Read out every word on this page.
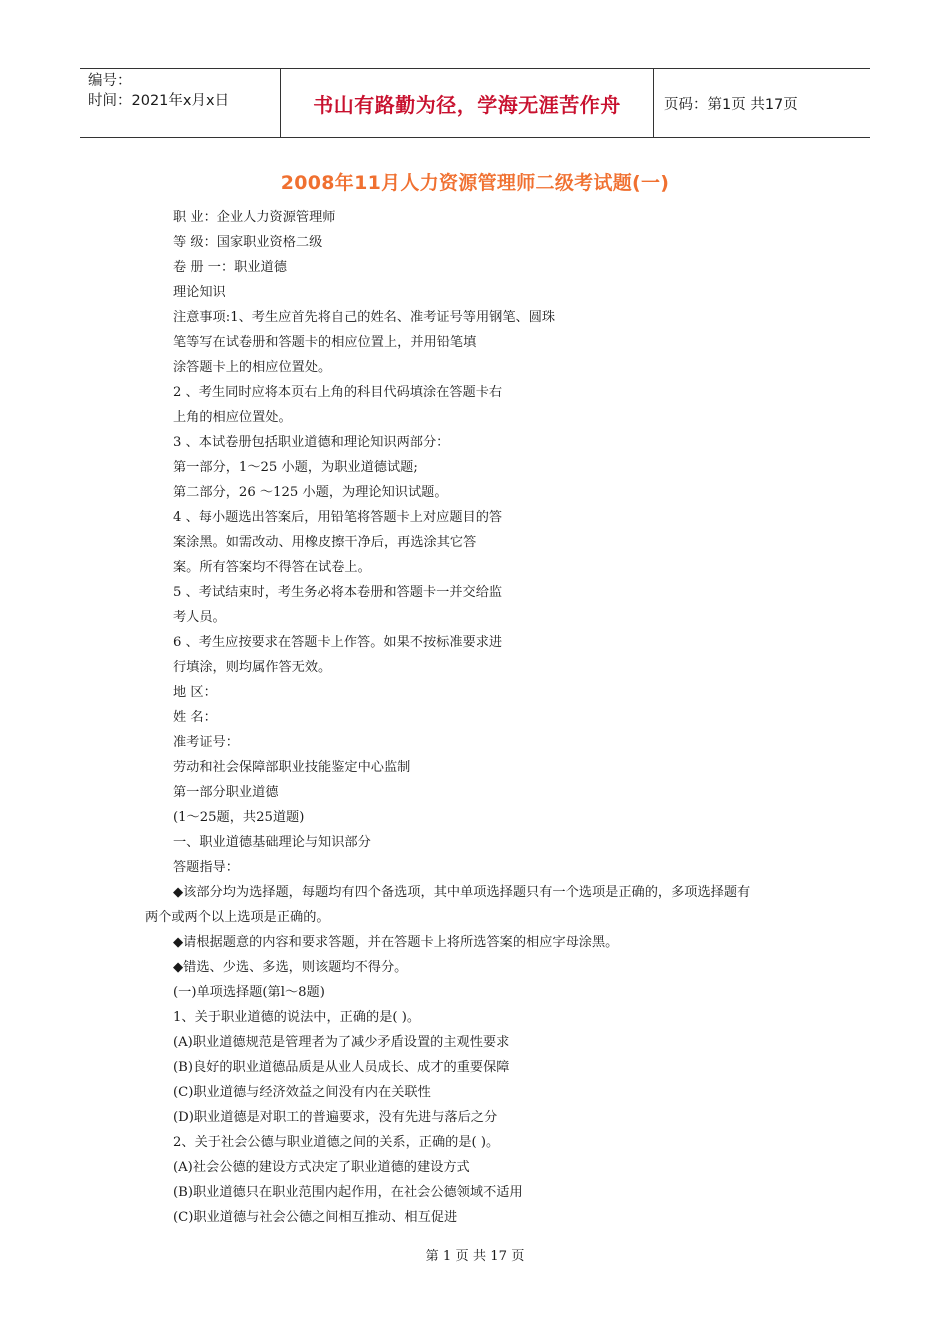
编号：
时间：2021年x月x日	书山有路勤为径，学海无涯苦作舟	页码：第1页 共17页
2008年11月人力资源管理师二级考试题(一)
职 业：企业人力资源管理师
等 级：国家职业资格二级
卷 册 一：职业道德
理论知识
注意事项:1、考生应首先将自己的姓名、准考证号等用钢笔、圆珠
笔等写在试卷册和答题卡的相应位置上，并用铅笔填
涂答题卡上的相应位置处。
2 、考生同时应将本页右上角的科目代码填涂在答题卡右
上角的相应位置处。
3 、本试卷册包括职业道德和理论知识两部分：
第一部分，1～25 小题，为职业道德试题;
第二部分，26 ～125 小题，为理论知识试题。
4 、每小题选出答案后，用铅笔将答题卡上对应题目的答
案涂黑。如需改动、用橡皮擦干净后，再选涂其它答
案。所有答案均不得答在试卷上。
5 、考试结束时，考生务必将本卷册和答题卡一并交给监
考人员。
6 、考生应按要求在答题卡上作答。如果不按标准要求进
行填涂，则均属作答无效。
地 区：
姓 名：
准考证号：
劳动和社会保障部职业技能鉴定中心监制
第一部分职业道德
(1～25题，共25道题)
一、职业道德基础理论与知识部分
答题指导：
◆该部分均为选择题，每题均有四个备选项，其中单项选择题只有一个选项是正确的，多项选择题有
两个或两个以上选项是正确的。
◆请根据题意的内容和要求答题，并在答题卡上将所选答案的相应字母涂黑。
◆错选、少选、多选，则该题均不得分。
(一)单项选择题(第l～8题)
1、关于职业道德的说法中，正确的是( )。
(A)职业道德规范是管理者为了减少矛盾设置的主观性要求
(B)良好的职业道德品质是从业人员成长、成才的重要保障
(C)职业道德与经济效益之间没有内在关联性
(D)职业道德是对职工的普遍要求，没有先进与落后之分
2、关于社会公德与职业道德之间的关系，正确的是( )。
(A)社会公德的建设方式决定了职业道德的建设方式
(B)职业道德只在职业范围内起作用，在社会公德领域不适用
(C)职业道德与社会公德之间相互推动、相互促进
第 1 页 共 17 页
